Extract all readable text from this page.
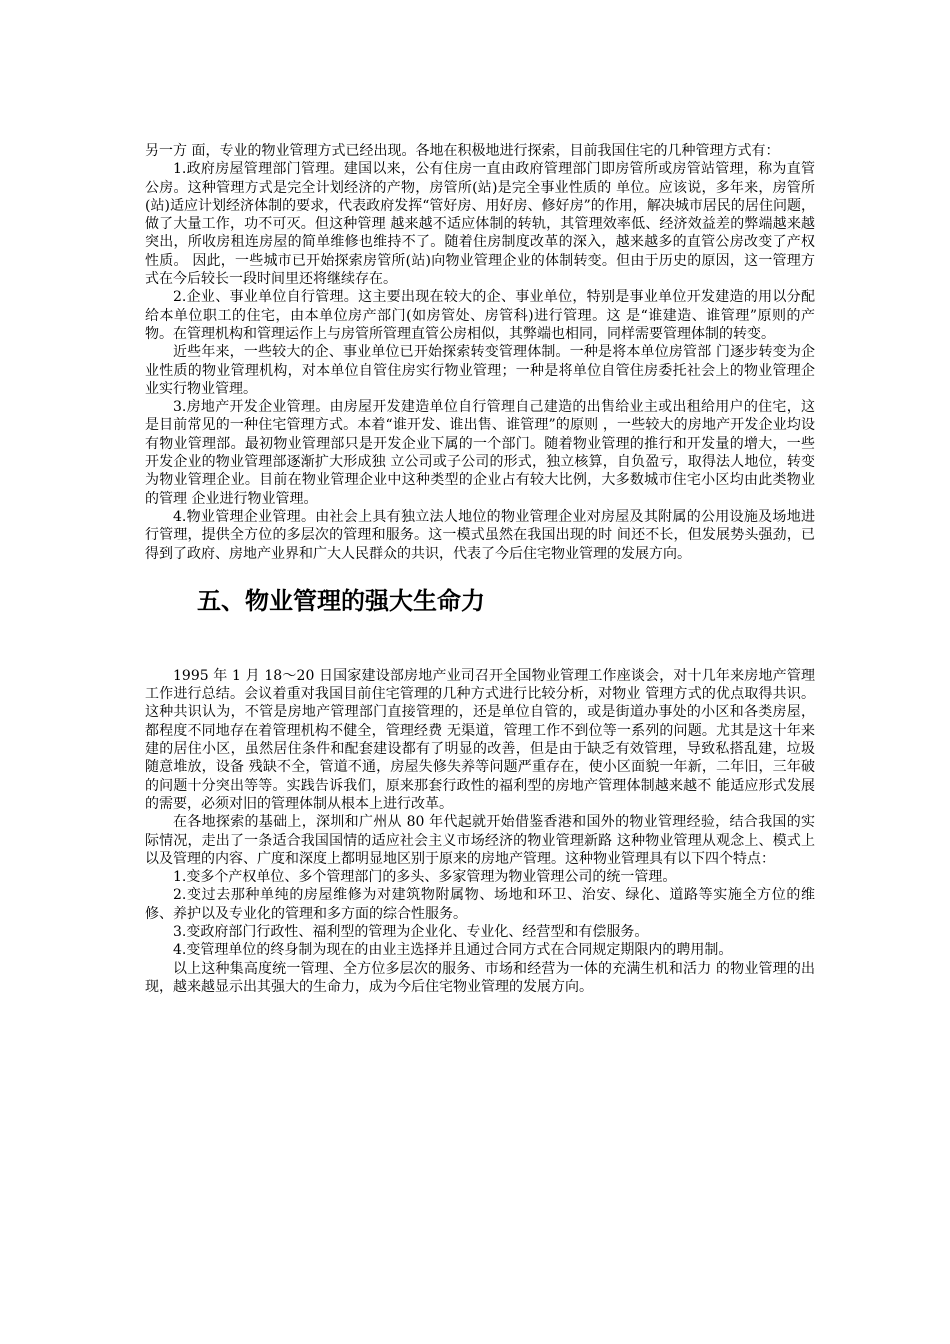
另一方 面，专业的物业管理方式已经出现。各地在积极地进行探索，目前我国住宅的几种管理方式有：

1.政府房屋管理部门管理。建国以来，公有住房一直由政府管理部门即房管所或房管站管理，称为直管公房。这种管理方式是完全计划经济的产物，房管所(站)是完全事业性质的 单位。应该说，多年来，房管所(站)适应计划经济体制的要求，代表政府发挥“管好房、用好房、修好房”的作用，解决城市居民的居住问题，做了大量工作，功不可灭。但这种管理 越来越不适应体制的转轨，其管理效率低、经济效益差的弊端越来越突出，所收房租连房屋的简单维修也维持不了。随着住房制度改革的深入，越来越多的直管公房改变了产权性质。 因此，一些城市已开始探索房管所(站)向物业管理企业的体制转变。但由于历史的原因，这一管理方式在今后较长一段时间里还将继续存在。

2.企业、事业单位自行管理。这主要出现在较大的企、事业单位，特别是事业单位开发建造的用以分配给本单位职工的住宅，由本单位房产部门(如房管处、房管科)进行管理。这 是“谁建造、谁管理”原则的产物。在管理机构和管理运作上与房管所管理直管公房相似，其弊端也相同，同样需要管理体制的转变。

近些年来，一些较大的企、事业单位已开始探索转变管理体制。一种是将本单位房管部 门逐步转变为企业性质的物业管理机构，对本单位自管住房实行物业管理；一种是将单位自管住房委托社会上的物业管理企业实行物业管理。

3.房地产开发企业管理。由房屋开发建造单位自行管理自己建造的出售给业主或出租给用户的住宅，这是目前常见的一种住宅管理方式。本着“谁开发、谁出售、谁管理”的原则 ，一些较大的房地产开发企业均设有物业管理部。最初物业管理部只是开发企业下属的一个部门。随着物业管理的推行和开发量的增大，一些开发企业的物业管理部逐渐扩大形成独 立公司或子公司的形式，独立核算，自负盈亏，取得法人地位，转变为物业管理企业。目前在物业管理企业中这种类型的企业占有较大比例，大多数城市住宅小区均由此类物业的管理 企业进行物业管理。

4.物业管理企业管理。由社会上具有独立法人地位的物业管理企业对房屋及其附属的公用设施及场地进行管理，提供全方位的多层次的管理和服务。这一模式虽然在我国出现的时 间还不长，但发展势头强劲，已得到了政府、房地产业界和广大人民群众的共识，代表了今后住宅物业管理的发展方向。

五、物业管理的强大生命力

1995 年 1 月 18～20 日国家建设部房地产业司召开全国物业管理工作座谈会，对十几年来房地产管理工作进行总结。会议着重对我国目前住宅管理的几种方式进行比较分析，对物业 管理方式的优点取得共识。这种共识认为，不管是房地产管理部门直接管理的，还是单位自管的，或是街道办事处的小区和各类房屋，都程度不同地存在着管理机构不健全，管理经费 无渠道，管理工作不到位等一系列的问题。尤其是这十年来建的居住小区，虽然居住条件和配套建设都有了明显的改善，但是由于缺乏有效管理，导致私搭乱建，垃圾随意堆放，设备 残缺不全，管道不通，房屋失修失养等问题严重存在，使小区面貌一年新，二年旧，三年破的问题十分突出等等。实践告诉我们，原来那套行政性的福利型的房地产管理体制越来越不 能适应形式发展的需要，必须对旧的管理体制从根本上进行改革。

在各地探索的基础上，深圳和广州从 80 年代起就开始借鉴香港和国外的物业管理经验，结合我国的实际情况，走出了一条适合我国国情的适应社会主义市场经济的物业管理新路 这种物业管理从观念上、模式上以及管理的内容、广度和深度上都明显地区别于原来的房地产管理。这种物业管理具有以下四个特点：

1.变多个产权单位、多个管理部门的多头、多家管理为物业管理公司的统一管理。

2.变过去那种单纯的房屋维修为对建筑物附属物、场地和环卫、治安、绿化、道路等实施全方位的维修、养护以及专业化的管理和多方面的综合性服务。

3.变政府部门行政性、福利型的管理为企业化、专业化、经营型和有偿服务。

4.变管理单位的终身制为现在的由业主选择并且通过合同方式在合同规定期限内的聘用制。

以上这种集高度统一管理、全方位多层次的服务、市场和经营为一体的充满生机和活力 的物业管理的出现，越来越显示出其强大的生命力，成为今后住宅物业管理的发展方向。
